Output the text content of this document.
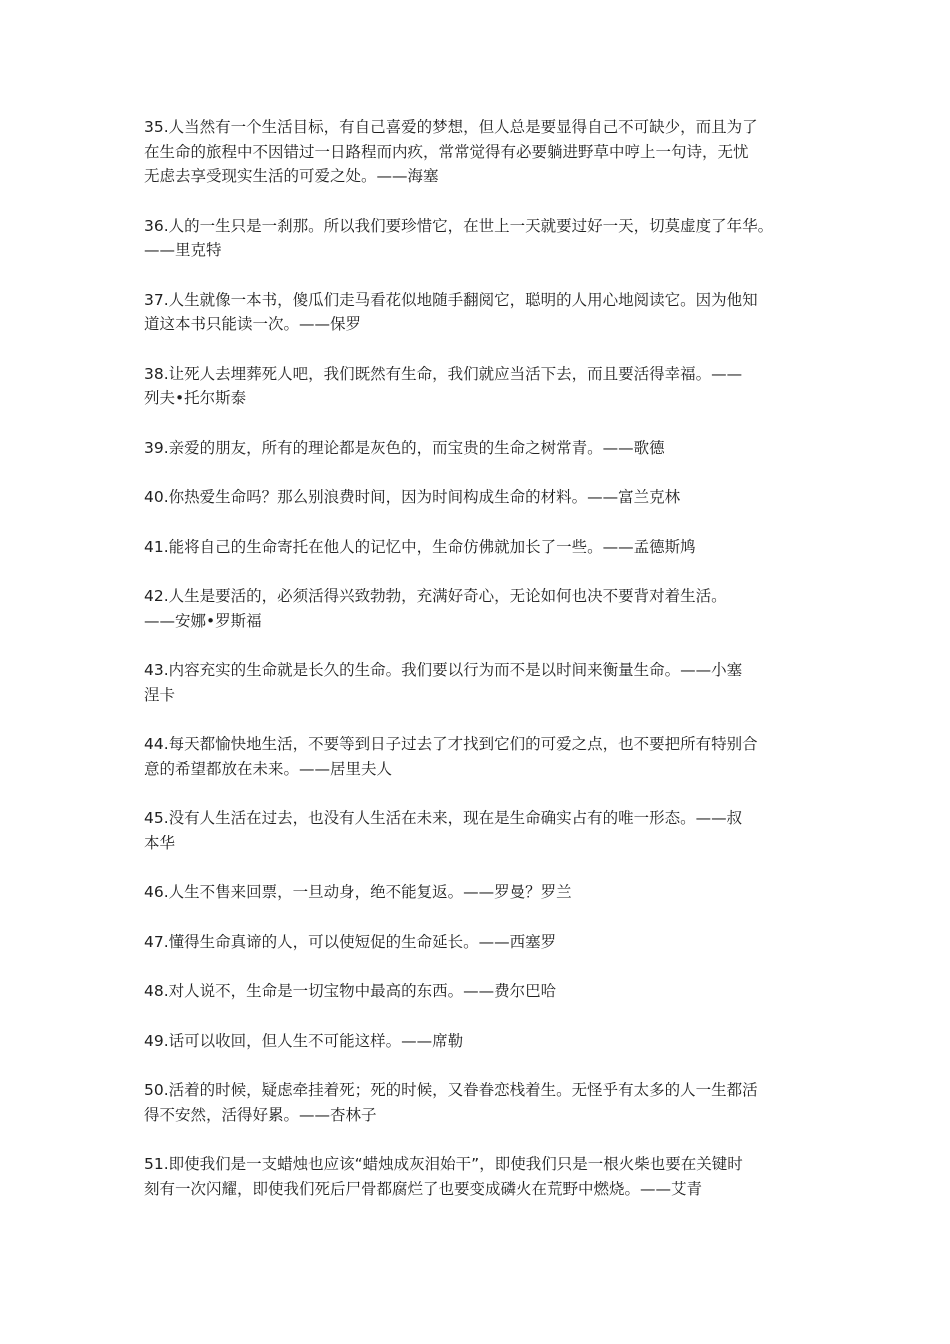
35.人当然有一个生活目标，有自己喜爱的梦想，但人总是要显得自己不可缺少，而且为了
在生命的旅程中不因错过一日路程而内疚，常常觉得有必要躺进野草中哼上一句诗，无忧
无虑去享受现实生活的可爱之处。——海塞

36.人的一生只是一刹那。所以我们要珍惜它，在世上一天就要过好一天，切莫虚度了年华。
——里克特

37.人生就像一本书，傻瓜们走马看花似地随手翻阅它，聪明的人用心地阅读它。因为他知
道这本书只能读一次。——保罗

38.让死人去埋葬死人吧，我们既然有生命，我们就应当活下去，而且要活得幸福。——
列夫•托尔斯泰

39.亲爱的朋友，所有的理论都是灰色的，而宝贵的生命之树常青。——歌德

40.你热爱生命吗？那么别浪费时间，因为时间构成生命的材料。——富兰克林

41.能将自己的生命寄托在他人的记忆中，生命仿佛就加长了一些。——孟德斯鸠

42.人生是要活的，必须活得兴致勃勃，充满好奇心，无论如何也决不要背对着生活。
——安娜•罗斯福

43.内容充实的生命就是长久的生命。我们要以行为而不是以时间来衡量生命。——小塞
涅卡

44.每天都愉快地生活，不要等到日子过去了才找到它们的可爱之点，也不要把所有特别合
意的希望都放在未来。——居里夫人

45.没有人生活在过去，也没有人生活在未来，现在是生命确实占有的唯一形态。——叔
本华

46.人生不售来回票，一旦动身，绝不能复返。——罗曼？罗兰

47.懂得生命真谛的人，可以使短促的生命延长。——西塞罗

48.对人说不，生命是一切宝物中最高的东西。——费尔巴哈

49.话可以收回，但人生不可能这样。——席勒

50.活着的时候，疑虑牵挂着死；死的时候，又眷眷恋栈着生。无怪乎有太多的人一生都活
得不安然，活得好累。——杏林子

51.即使我们是一支蜡烛也应该“蜡烛成灰泪始干”，即使我们只是一根火柴也要在关键时
刻有一次闪耀，即使我们死后尸骨都腐烂了也要变成磷火在荒野中燃烧。——艾青
